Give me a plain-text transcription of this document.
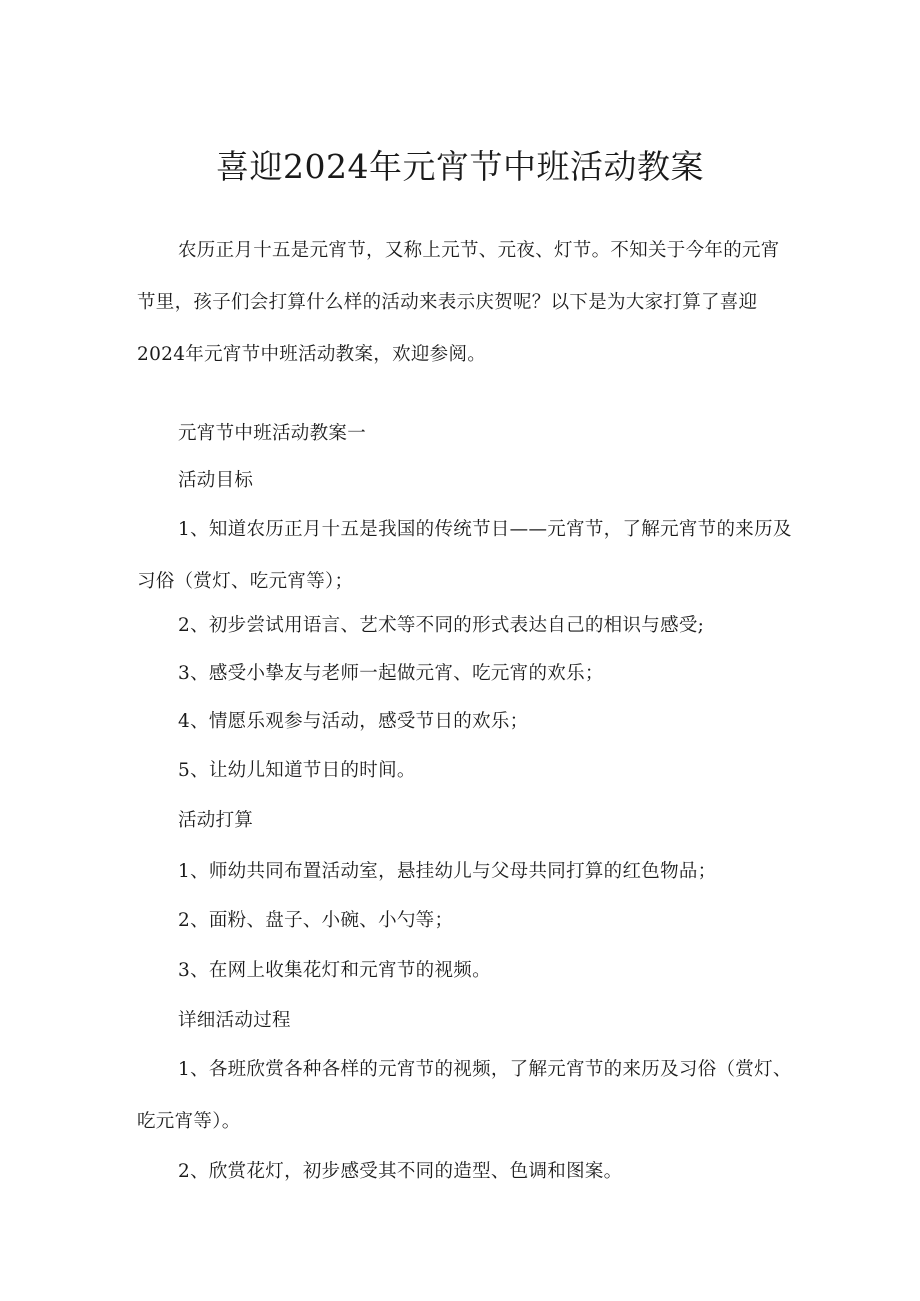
喜迎2024年元宵节中班活动教案

农历正月十五是元宵节，又称上元节、元夜、灯节。不知关于今年的元宵节里，孩子们会打算什么样的活动来表示庆贺呢？以下是为大家打算了喜迎2024年元宵节中班活动教案，欢迎参阅。

元宵节中班活动教案一

活动目标

1、知道农历正月十五是我国的传统节日——元宵节，了解元宵节的来历及习俗（赏灯、吃元宵等）；

2、初步尝试用语言、艺术等不同的形式表达自己的相识与感受;

3、感受小挚友与老师一起做元宵、吃元宵的欢乐；

4、情愿乐观参与活动，感受节日的欢乐；

5、让幼儿知道节日的时间。

活动打算

1、师幼共同布置活动室，悬挂幼儿与父母共同打算的红色物品；

2、面粉、盘子、小碗、小勺等；

3、在网上收集花灯和元宵节的视频。

详细活动过程

1、各班欣赏各种各样的元宵节的视频，了解元宵节的来历及习俗（赏灯、吃元宵等）。

2、欣赏花灯，初步感受其不同的造型、色调和图案。
